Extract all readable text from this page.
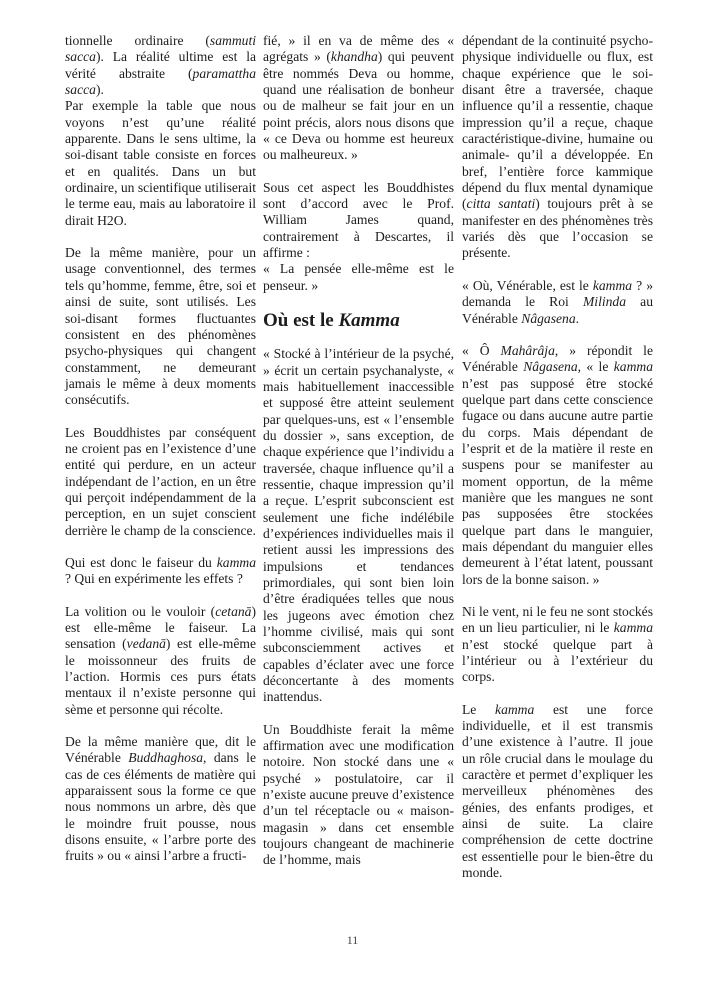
tionnelle ordinaire (sammuti sacca). La réalité ultime est la vérité abstraite (paramattha sacca).

Par exemple la table que nous voyons n’est qu’une réalité apparente. Dans le sens ultime, la soi-disant table consiste en forces et en qualités. Dans un but ordinaire, un scientifique utiliserait le terme eau, mais au laboratoire il dirait H2O.

De la même manière, pour un usage conventionnel, des termes tels qu’homme, femme, être, soi et ainsi de suite, sont utilisés. Les soi-disant formes fluctuantes consistent en des phénomènes psycho-physiques qui changent constamment, ne demeurant jamais le même à deux moments consécutifs.

Les Bouddhistes par conséquent ne croient pas en l’existence d’une entité qui perdure, en un acteur indépendant de l’action, en un être qui perçoit indépendamment de la perception, en un sujet conscient derrière le champ de la conscience.

Qui est donc le faiseur du kamma ? Qui en expérimente les effets ?

La volition ou le vouloir (cetanā) est elle-même le faiseur. La sensation (vedanā) est elle-même le moissonneur des fruits de l’action. Hormis ces purs états mentaux il n’existe personne qui sème et personne qui récolte.

De la même manière que, dit le Vénérable Buddhaghosa, dans le cas de ces éléments de matière qui apparaissent sous la forme ce que nous nommons un arbre, dès que le moindre fruit pousse, nous disons ensuite, « l’arbre porte des fruits » ou « ainsi l’arbre a fructi-

fié, » il en va de même des « agrégats » (khandha) qui peuvent être nommés Deva ou homme, quand une réalisation de bonheur ou de malheur se fait jour en un point précis, alors nous disons que « ce Deva ou homme est heureux ou malheureux. »

Sous cet aspect les Bouddhistes sont d’accord avec le Prof. William James quand, contrairement à Descartes, il affirme :

« La pensée elle-même est le penseur. »

Où est le Kamma

« Stocké à l’intérieur de la psyché, » écrit un certain psychanalyste, « mais habituellement inaccessible et supposé être atteint seulement par quelques-uns, est « l’ensemble du dossier », sans exception, de chaque expérience que l’individu a traversée, chaque influence qu’il a ressentie, chaque impression qu’il a reçue. L’esprit subconscient est seulement une fiche indélébile d’expériences individuelles mais il retient aussi les impressions des impulsions et tendances primordiales, qui sont bien loin d’être éradiquées telles que nous les jugeons avec émotion chez l’homme civilisé, mais qui sont subconsciemment actives et capables d’éclater avec une force déconcertante à des moments inattendus.

Un Bouddhiste ferait la même affirmation avec une modification notoire. Non stocké dans une « psyché » postulatoire, car il n’existe aucune preuve d’existence d’un tel réceptacle ou « maison-magasin » dans cet ensemble toujours changeant de machinerie de l’homme, mais

dépendant de la continuité psycho-physique individuelle ou flux, est chaque expérience que le soi-disant être a traversée, chaque influence qu’il a ressentie, chaque impression qu’il a reçue, chaque caractéristique-divine, humaine ou animale- qu’il a développée. En bref, l’entière force kammique dépend du flux mental dynamique (citta santati) toujours prêt à se manifester en des phénomènes très variés dès que l’occasion se présente.

« Où, Vénérable, est le kamma ? » demanda le Roi Milinda au Vénérable Nâgasena.

« Ô Mahârâja, » répondit le Vénérable Nâgasena, « le kamma n’est pas supposé être stocké quelque part dans cette conscience fugace ou dans aucune autre partie du corps. Mais dépendant de l’esprit et de la matière il reste en suspens pour se manifester au moment opportun, de la même manière que les mangues ne sont pas supposées être stockées quelque part dans le manguier, mais dépendant du manguier elles demeurent à l’état latent, poussant lors de la bonne saison. »

Ni le vent, ni le feu ne sont stockés en un lieu particulier, ni le kamma n’est stocké quelque part à l’intérieur ou à l’extérieur du corps.

Le kamma est une force individuelle, et il est transmis d’une existence à l’autre. Il joue un rôle crucial dans le moulage du caractère et permet d’expliquer les merveilleux phénomènes des génies, des enfants prodiges, et ainsi de suite. La claire compréhension de cette doctrine est essentielle pour le bien-être du monde.

11
